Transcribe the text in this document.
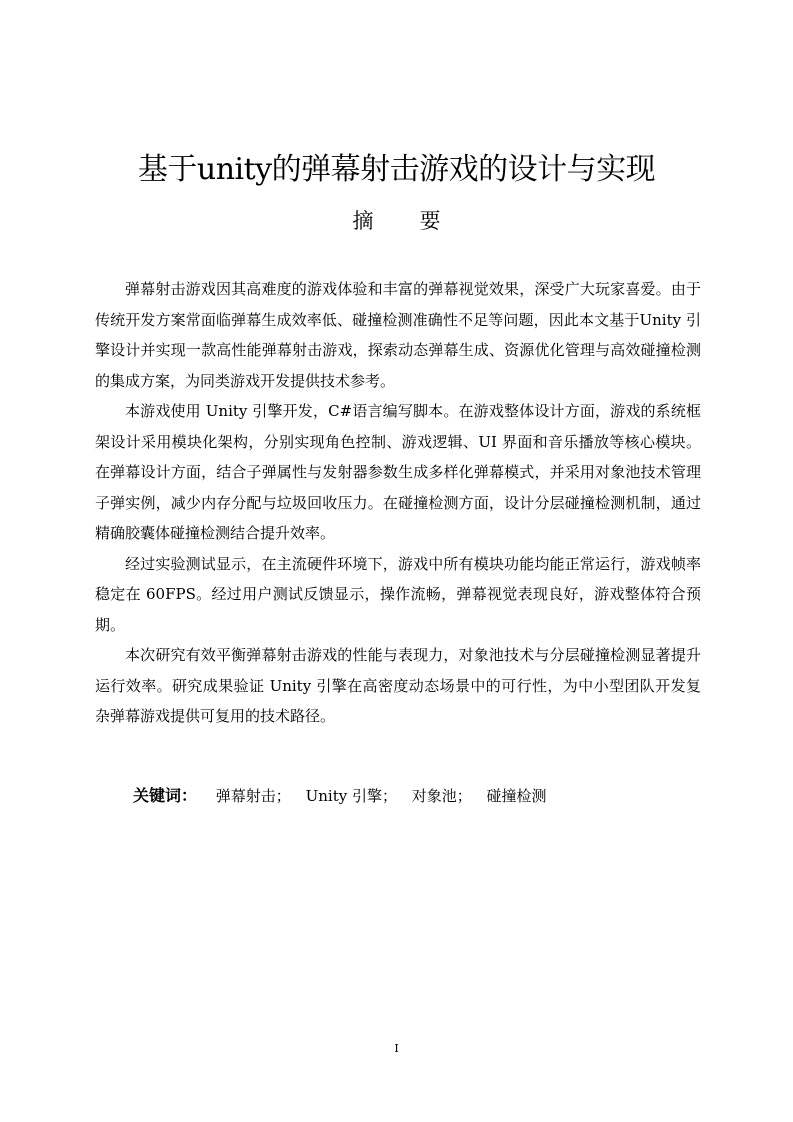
基于unity的弹幕射击游戏的设计与实现
摘 要

弹幕射击游戏因其高难度的游戏体验和丰富的弹幕视觉效果，深受广大玩家喜爱。由于传统开发方案常面临弹幕生成效率低、碰撞检测准确性不足等问题，因此本文基于Unity 引擎设计并实现一款高性能弹幕射击游戏，探索动态弹幕生成、资源优化管理与高效碰撞检测的集成方案，为同类游戏开发提供技术参考。

本游戏使用 Unity 引擎开发，C#语言编写脚本。在游戏整体设计方面，游戏的系统框架设计采用模块化架构，分别实现角色控制、游戏逻辑、UI 界面和音乐播放等核心模块。在弹幕设计方面，结合子弹属性与发射器参数生成多样化弹幕模式，并采用对象池技术管理子弹实例，减少内存分配与垃圾回收压力。在碰撞检测方面，设计分层碰撞检测机制，通过精确胶囊体碰撞检测结合提升效率。

经过实验测试显示，在主流硬件环境下，游戏中所有模块功能均能正常运行，游戏帧率稳定在 60FPS。经过用户测试反馈显示，操作流畅，弹幕视觉表现良好，游戏整体符合预期。

本次研究有效平衡弹幕射击游戏的性能与表现力，对象池技术与分层碰撞检测显著提升运行效率。研究成果验证 Unity 引擎在高密度动态场景中的可行性，为中小型团队开发复杂弹幕游戏提供可复用的技术路径。

关键词： 弹幕射击； Unity 引擎； 对象池； 碰撞检测
I
